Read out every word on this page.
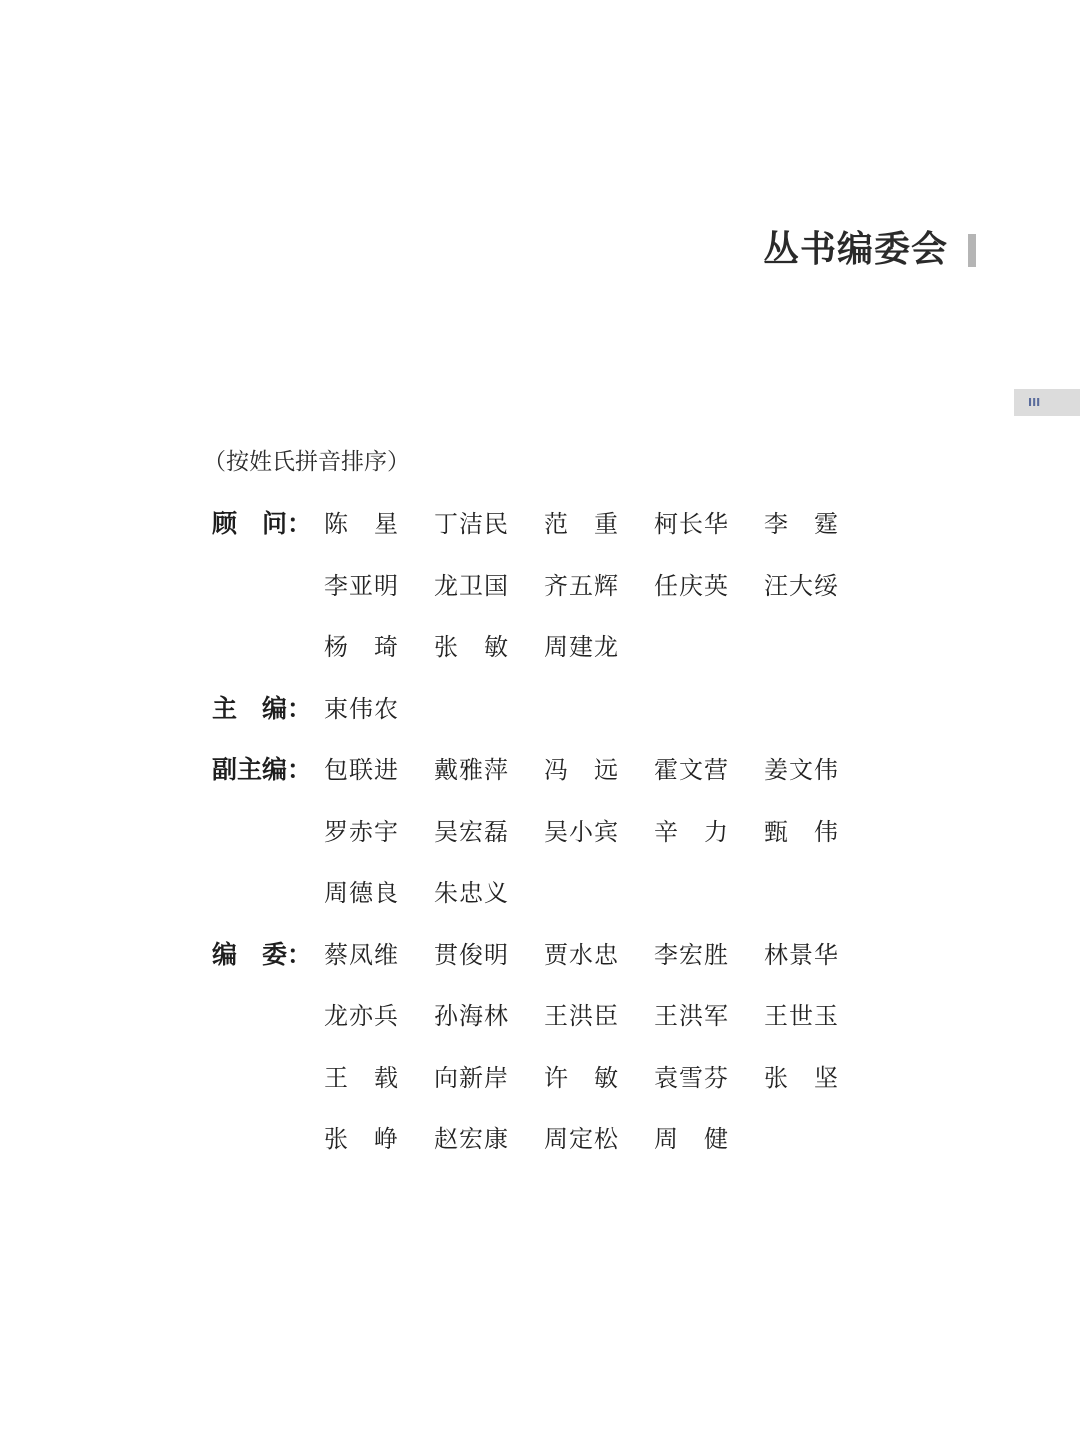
丛书编委会
III
（按姓氏拼音排序）
顾　问： 陈　星	丁洁民	范　重	柯长华	李　霆
李亚明	龙卫国	齐五辉	任庆英	汪大绥
杨　琦	张　敏	周建龙
主　编： 束伟农
副主编： 包联进	戴雅萍	冯　远	霍文营	姜文伟
罗赤宇	吴宏磊	吴小宾	辛　力	甄　伟
周德良	朱忠义
编　委： 蔡凤维	贯俊明	贾水忠	李宏胜	林景华
龙亦兵	孙海林	王洪臣	王洪军	王世玉
王　载	向新岸	许　敏	袁雪芬	张　坚
张　峥	赵宏康	周定松	周　健
